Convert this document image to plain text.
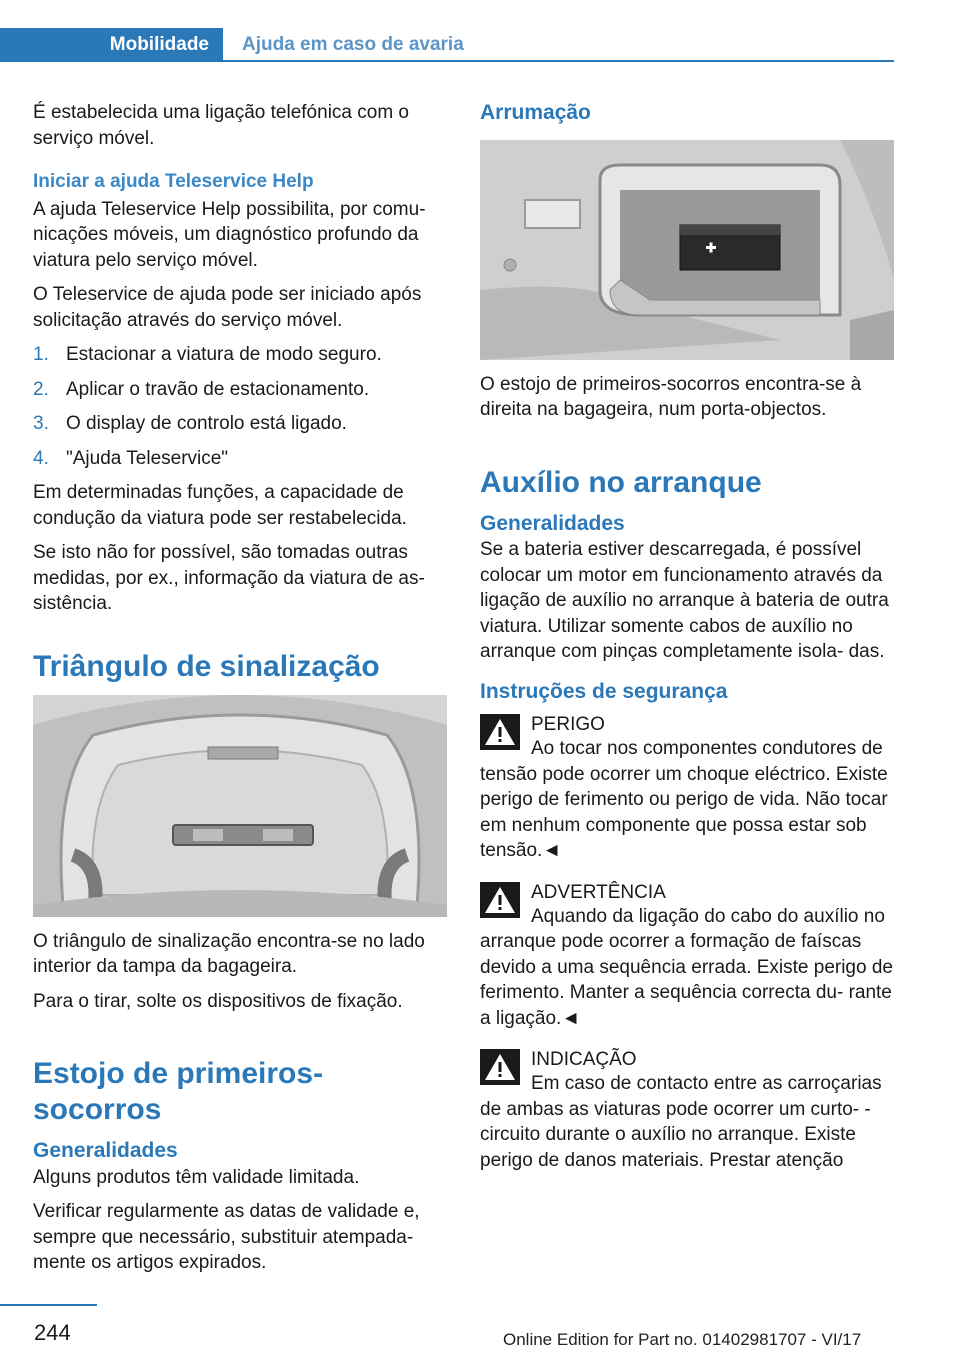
Mobilidade	Ajuda em caso de avaria

É estabelecida uma ligação telefónica com o serviço móvel.

Iniciar a ajuda Teleservice Help

A ajuda Teleservice Help possibilita, por comu- nicações móveis, um diagnóstico profundo da viatura pelo serviço móvel.

O Teleservice de ajuda pode ser iniciado após solicitação através do serviço móvel.

1. Estacionar a viatura de modo seguro.
2. Aplicar o travão de estacionamento.
3. O display de controlo está ligado.
4. "Ajuda Teleservice"

Em determinadas funções, a capacidade de condução da viatura pode ser restabelecida.

Se isto não for possível, são tomadas outras medidas, por ex., informação da viatura de as- sistência.

Triângulo de sinalização

O triângulo de sinalização encontra-se no lado interior da tampa da bagageira.

Para o tirar, solte os dispositivos de fixação.

Estojo de primeiros-socorros
Generalidades

Alguns produtos têm validade limitada.

Verificar regularmente as datas de validade e, sempre que necessário, substituir atempada- mente os artigos expirados.

Arrumação

O estojo de primeiros-socorros encontra-se à direita na bagageira, num porta-objectos.

Auxílio no arranque
Generalidades

Se a bateria estiver descarregada, é possível colocar um motor em funcionamento através da ligação de auxílio no arranque à bateria de outra viatura. Utilizar somente cabos de auxílio no arranque com pinças completamente isola- das.

Instruções de segurança
PERIGO
Ao tocar nos componentes condutores de tensão pode ocorrer um choque eléctrico. Existe perigo de ferimento ou perigo de vida. Não tocar em nenhum componente que possa estar sob tensão.◄
ADVERTÊNCIA
Aquando da ligação do cabo do auxílio no arranque pode ocorrer a formação de faíscas devido a uma sequência errada. Existe perigo de ferimento. Manter a sequência correcta du- rante a ligação.◄
INDICAÇÃO
Em caso de contacto entre as carroçarias de ambas as viaturas pode ocorrer um curto- -circuito durante o auxílio no arranque. Existe perigo de danos materiais. Prestar atenção
244	Online Edition for Part no. 01402981707 - VI/17
